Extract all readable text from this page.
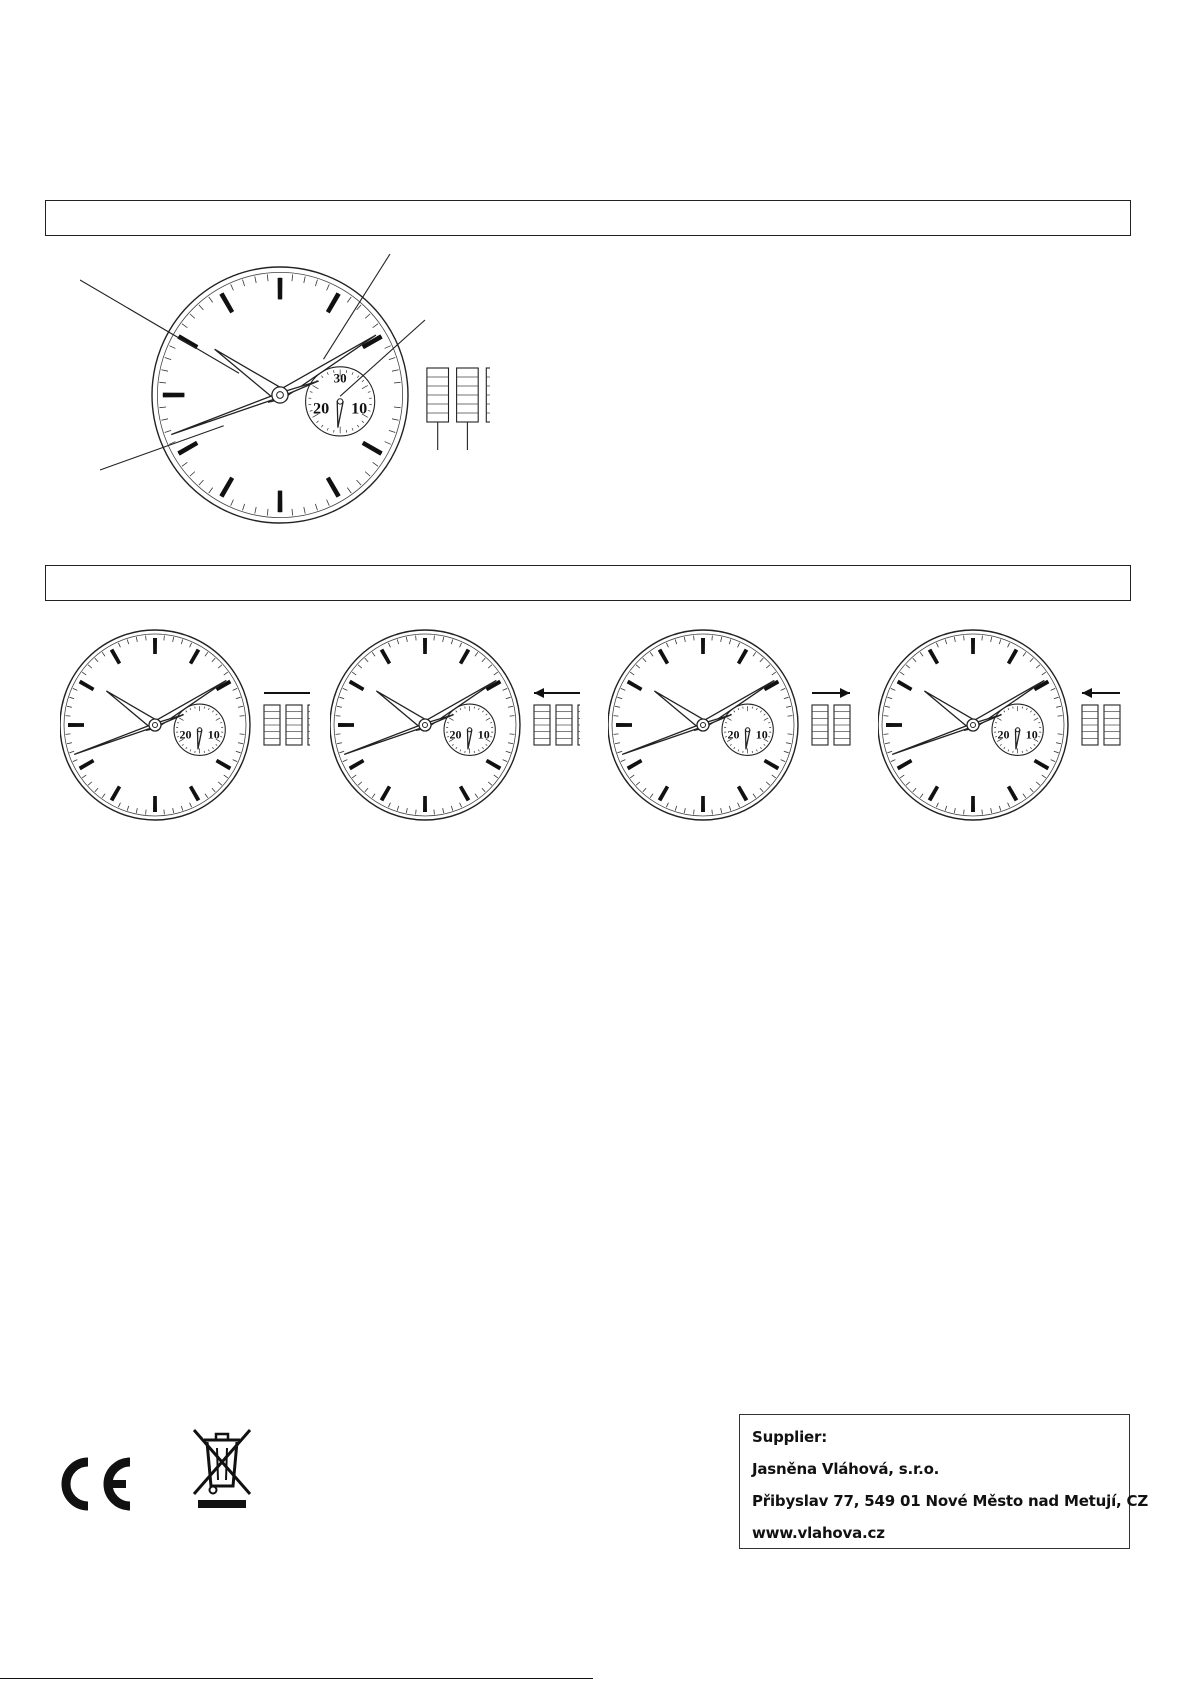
20 10
30
20 10	20 10	20 10	20 10
Supplier:
Jasněna Vláhová, s.r.o.
Přibyslav 77, 549 01 Nové Město nad Metují, CZ
www.vlahova.cz
